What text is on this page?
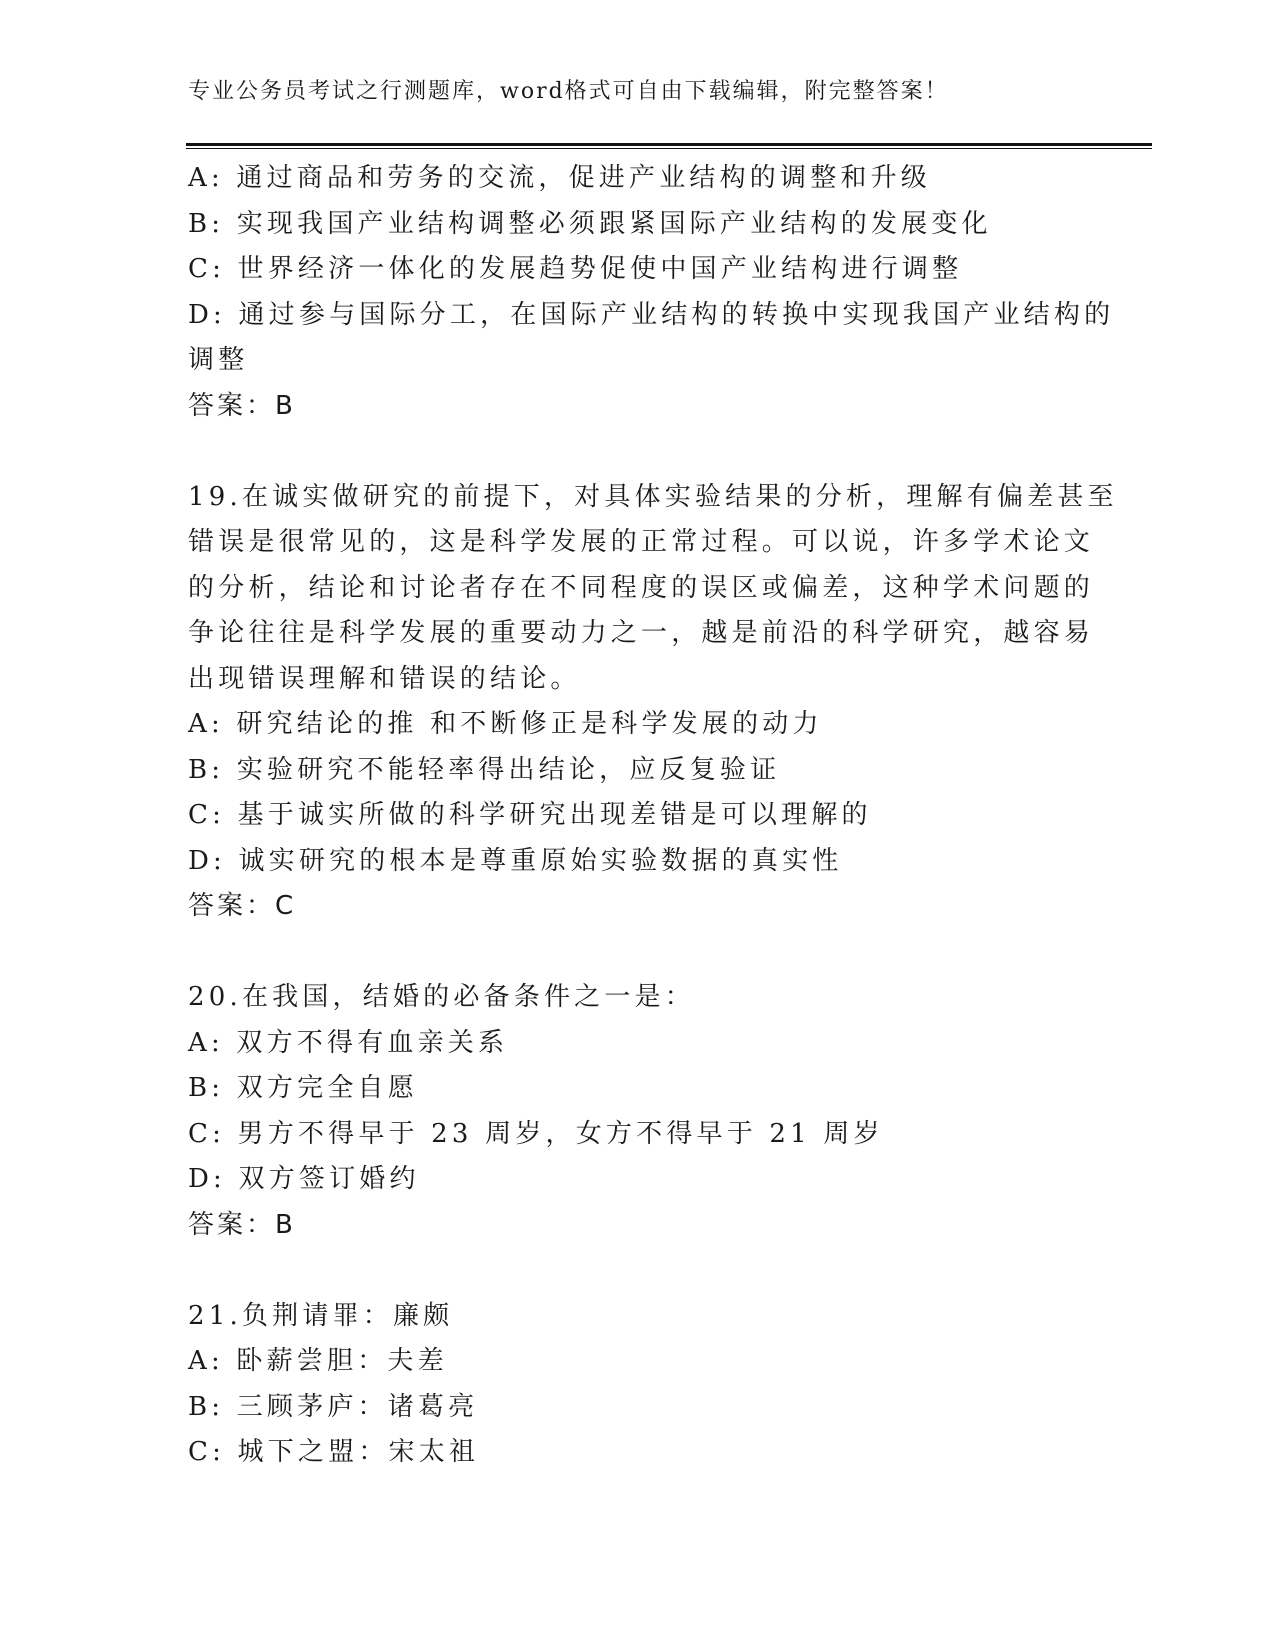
专业公务员考试之行测题库，word格式可自由下载编辑，附完整答案！
A: 通过商品和劳务的交流，促进产业结构的调整和升级
B: 实现我国产业结构调整必须跟紧国际产业结构的发展变化
C: 世界经济一体化的发展趋势促使中国产业结构进行调整
D: 通过参与国际分工，在国际产业结构的转换中实现我国产业结构的
调整
答案：B
19.在诚实做研究的前提下，对具体实验结果的分析，理解有偏差甚至
错误是很常见的，这是科学发展的正常过程。可以说，许多学术论文
的分析，结论和讨论者存在不同程度的误区或偏差，这种学术问题的
争论往往是科学发展的重要动力之一，越是前沿的科学研究，越容易
出现错误理解和错误的结论。
A: 研究结论的推 和不断修正是科学发展的动力
B: 实验研究不能轻率得出结论，应反复验证
C: 基于诚实所做的科学研究出现差错是可以理解的
D: 诚实研究的根本是尊重原始实验数据的真实性
答案：C
20.在我国，结婚的必备条件之一是：
A: 双方不得有血亲关系
B: 双方完全自愿
C: 男方不得早于 23 周岁，女方不得早于 21 周岁
D: 双方签订婚约
答案：B
21.负荆请罪：廉颇
A: 卧薪尝胆：夫差
B: 三顾茅庐：诸葛亮
C: 城下之盟：宋太祖
